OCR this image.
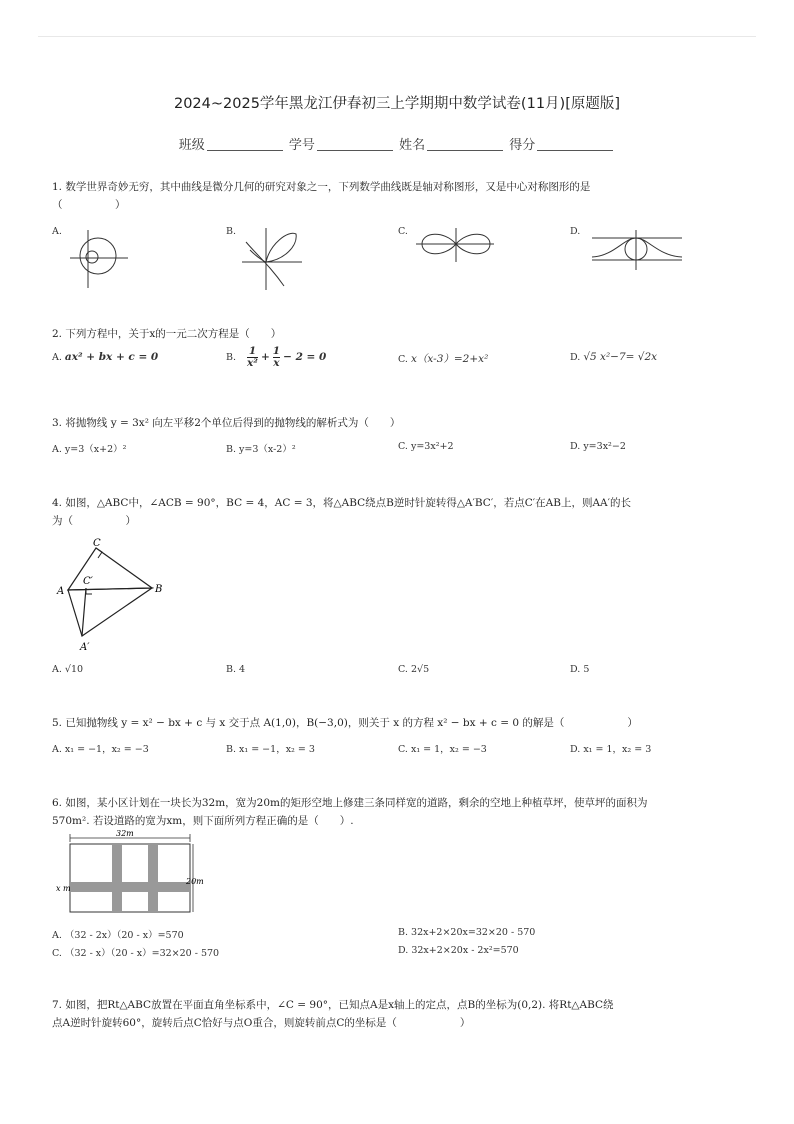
2024~2025学年黑龙江伊春初三上学期期中数学试卷(11月)[原题版]
班级	学号	姓名	得分
1. 数学世界奇妙无穷，其中曲线是微分几何的研究对象之一，下列数学曲线既是轴对称图形，又是中心对称图形的是
（　　　　　）
A.	B.	C.	D.
2. 下列方程中，关于x的一元二次方程是（　　）
A. ax² + bx + c = 0	B. $\frac{1}{\text{x²}} + \frac{1}{x} - 2 = 0$	C. x（x-3）=2+x²	D. √5 x²−7= √2x
3. 将抛物线 y = 3x² 向左平移2个单位后得到的抛物线的解析式为（　　）
A. y=3（x+2）²	B. y=3（x-2）²	C. y=3x²+2	D. y=3x²−2
4. 如图，△ABC中，∠ACB = 90°，BC = 4，AC = 3，将△ABC绕点B逆时针旋转得△A′BC′，若点C′在AB上，则AA′的长
为（　　　　　）
C
C′
A	B
A′
A. √10	B. 4	C. 2√5	D. 5
5. 已知抛物线 y = x² − bx + c 与 x 交于点 A(1,0)，B(−3,0)，则关于 x 的方程 x² − bx + c = 0 的解是（　　　　　　）
A. x₁ = −1，x₂ = −3	B. x₁ = −1，x₂ = 3	C. x₁ = 1，x₂ = −3	D. x₁ = 1，x₂ = 3
6. 如图，某小区计划在一块长为32m，宽为20m的矩形空地上修建三条同样宽的道路，剩余的空地上种植草坪，使草坪的面积为
570m². 若设道路的宽为xm，则下面所列方程正确的是（　　）.
32m
20m
x m
A. （32 - 2x）（20 - x）=570	B. 32x+2×20x=32×20 - 570
C. （32 - x）（20 - x）=32×20 - 570	D. 32x+2×20x - 2x²=570
7. 如图，把Rt△ABC放置在平面直角坐标系中，∠C = 90°，已知点A是x轴上的定点，点B的坐标为(0,2). 将Rt△ABC绕
点A逆时针旋转60°，旋转后点C恰好与点O重合，则旋转前点C的坐标是（　　　　　　）
